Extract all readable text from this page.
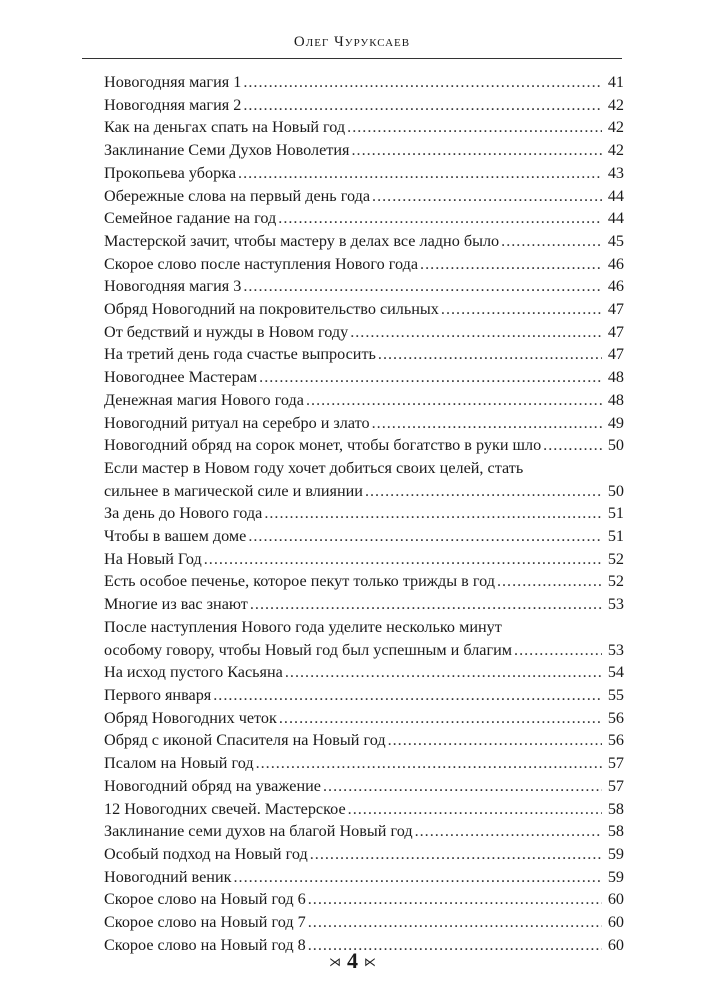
Олег Чуруксаев
Новогодняя магия 1 .....	41
Новогодняя магия 2 .....	42
Как на деньгах спать на Новый год .....	42
Заклинание Семи Духов Новолетия .....	42
Прокопьева уборка .....	43
Обережные слова на первый день года .....	44
Семейное гадание на год .....	44
Мастерской зачит, чтобы мастеру в делах все ладно было .....	45
Скорое слово после наступления Нового года .....	46
Новогодняя магия 3 .....	46
Обряд Новогодний на покровительство сильных .....	47
От бедствий и нужды в Новом году .....	47
На третий день года счастье выпросить .....	47
Новогоднее Мастерам .....	48
Денежная магия Нового года .....	48
Новогодний ритуал на серебро и злато .....	49
Новогодний обряд на сорок монет, чтобы богатство в руки шло .....	50
Если мастер в Новом году хочет добиться своих целей, стать
сильнее в магической силе и влиянии .....	50
За день до Нового года .....	51
Чтобы в вашем доме .....	51
На Новый Год .....	52
Есть особое печенье, которое пекут только трижды в год .....	52
Многие из вас знают .....	53
После наступления Нового года уделите несколько минут
особому говору, чтобы Новый год был успешным и благим .....	53
На исход пустого Касьяна .....	54
Первого января .....	55
Обряд Новогодних четок .....	56
Обряд с иконой Спасителя на Новый год .....	56
Псалом на Новый год .....	57
Новогодний обряд на уважение .....	57
12 Новогодних свечей. Мастерское .....	58
Заклинание семи духов на благой Новый год .....	58
Особый подход на Новый год .....	59
Новогодний веник .....	59
Скорое слово на Новый год 6 .....	60
Скорое слово на Новый год 7 .....	60
Скорое слово на Новый год 8 .....	60
⋊ 4 ⋉
